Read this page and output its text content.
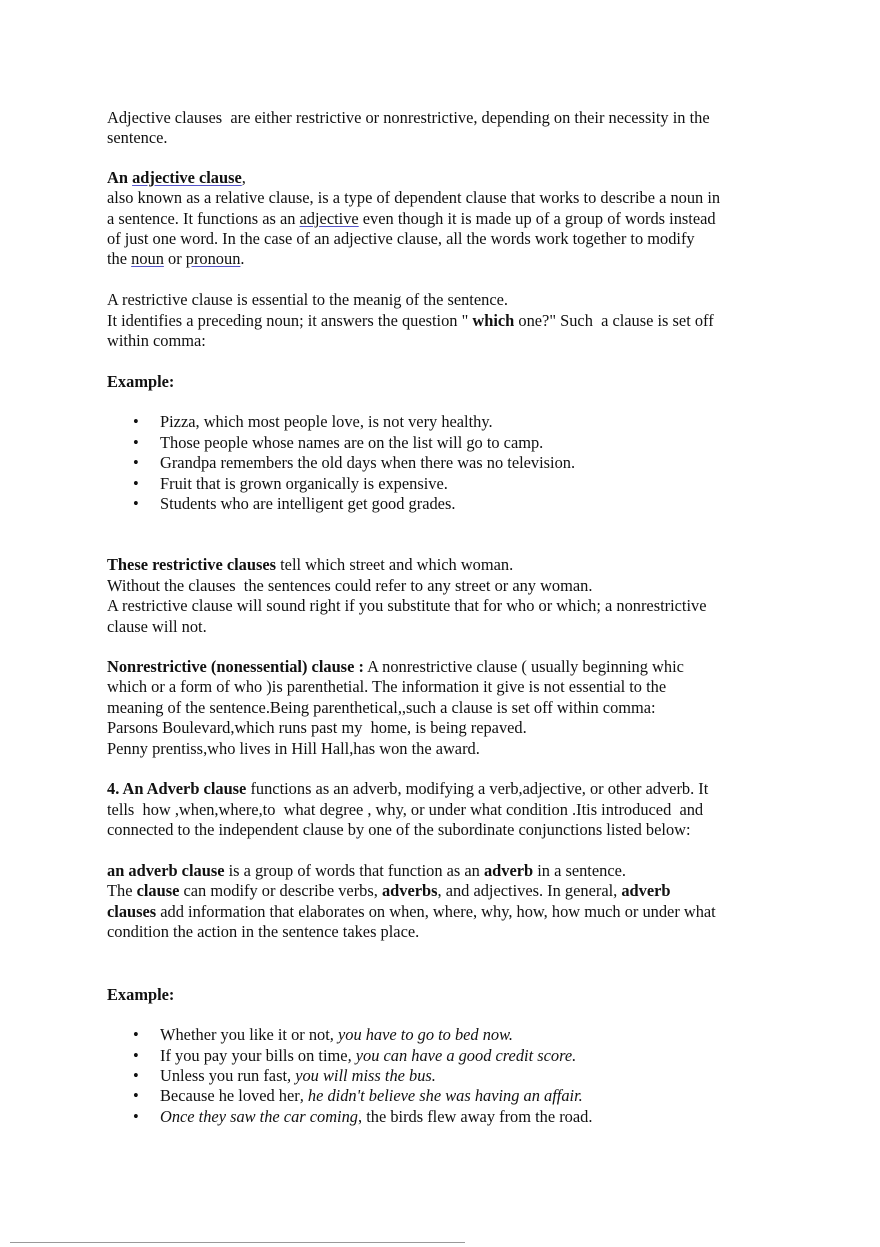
Adjective clauses  are either restrictive or nonrestrictive, depending on their necessity in the
sentence.
An adjective clause,
also known as a relative clause, is a type of dependent clause that works to describe a noun in
a sentence. It functions as an adjective even though it is made up of a group of words instead
of just one word. In the case of an adjective clause, all the words work together to modify
the noun or pronoun.
A restrictive clause is essential to the meanig of the sentence.
It identifies a preceding noun; it answers the question " which one?" Such  a clause is set off
within comma:
Example:
• Pizza, which most people love, is not very healthy.
• Those people whose names are on the list will go to camp.
• Grandpa remembers the old days when there was no television.
• Fruit that is grown organically is expensive.
• Students who are intelligent get good grades.
These restrictive clauses tell which street and which woman.
Without the clauses  the sentences could refer to any street or any woman.
A restrictive clause will sound right if you substitute that for who or which; a nonrestrictive
clause will not.
Nonrestrictive (nonessential) clause : A nonrestrictive clause ( usually beginning whic
which or a form of who )is parenthetial. The information it give is not essential to the
meaning of the sentence.Being parenthetical,,such a clause is set off within comma:
Parsons Boulevard,which runs past my  home, is being repaved.
Penny prentiss,who lives in Hill Hall,has won the award.
4. An Adverb clause functions as an adverb, modifying a verb,adjective, or other adverb. It
tells  how ,when,where,to  what degree , why, or under what condition .Itis introduced  and
connected to the independent clause by one of the subordinate conjunctions listed below:
an adverb clause is a group of words that function as an adverb in a sentence.
The clause can modify or describe verbs, adverbs, and adjectives. In general, adverb
clauses add information that elaborates on when, where, why, how, how much or under what
condition the action in the sentence takes place.
Example:
• Whether you like it or not, you have to go to bed now.
• If you pay your bills on time, you can have a good credit score.
• Unless you run fast, you will miss the bus.
• Because he loved her, he didn't believe she was having an affair.
• Once they saw the car coming, the birds flew away from the road.
